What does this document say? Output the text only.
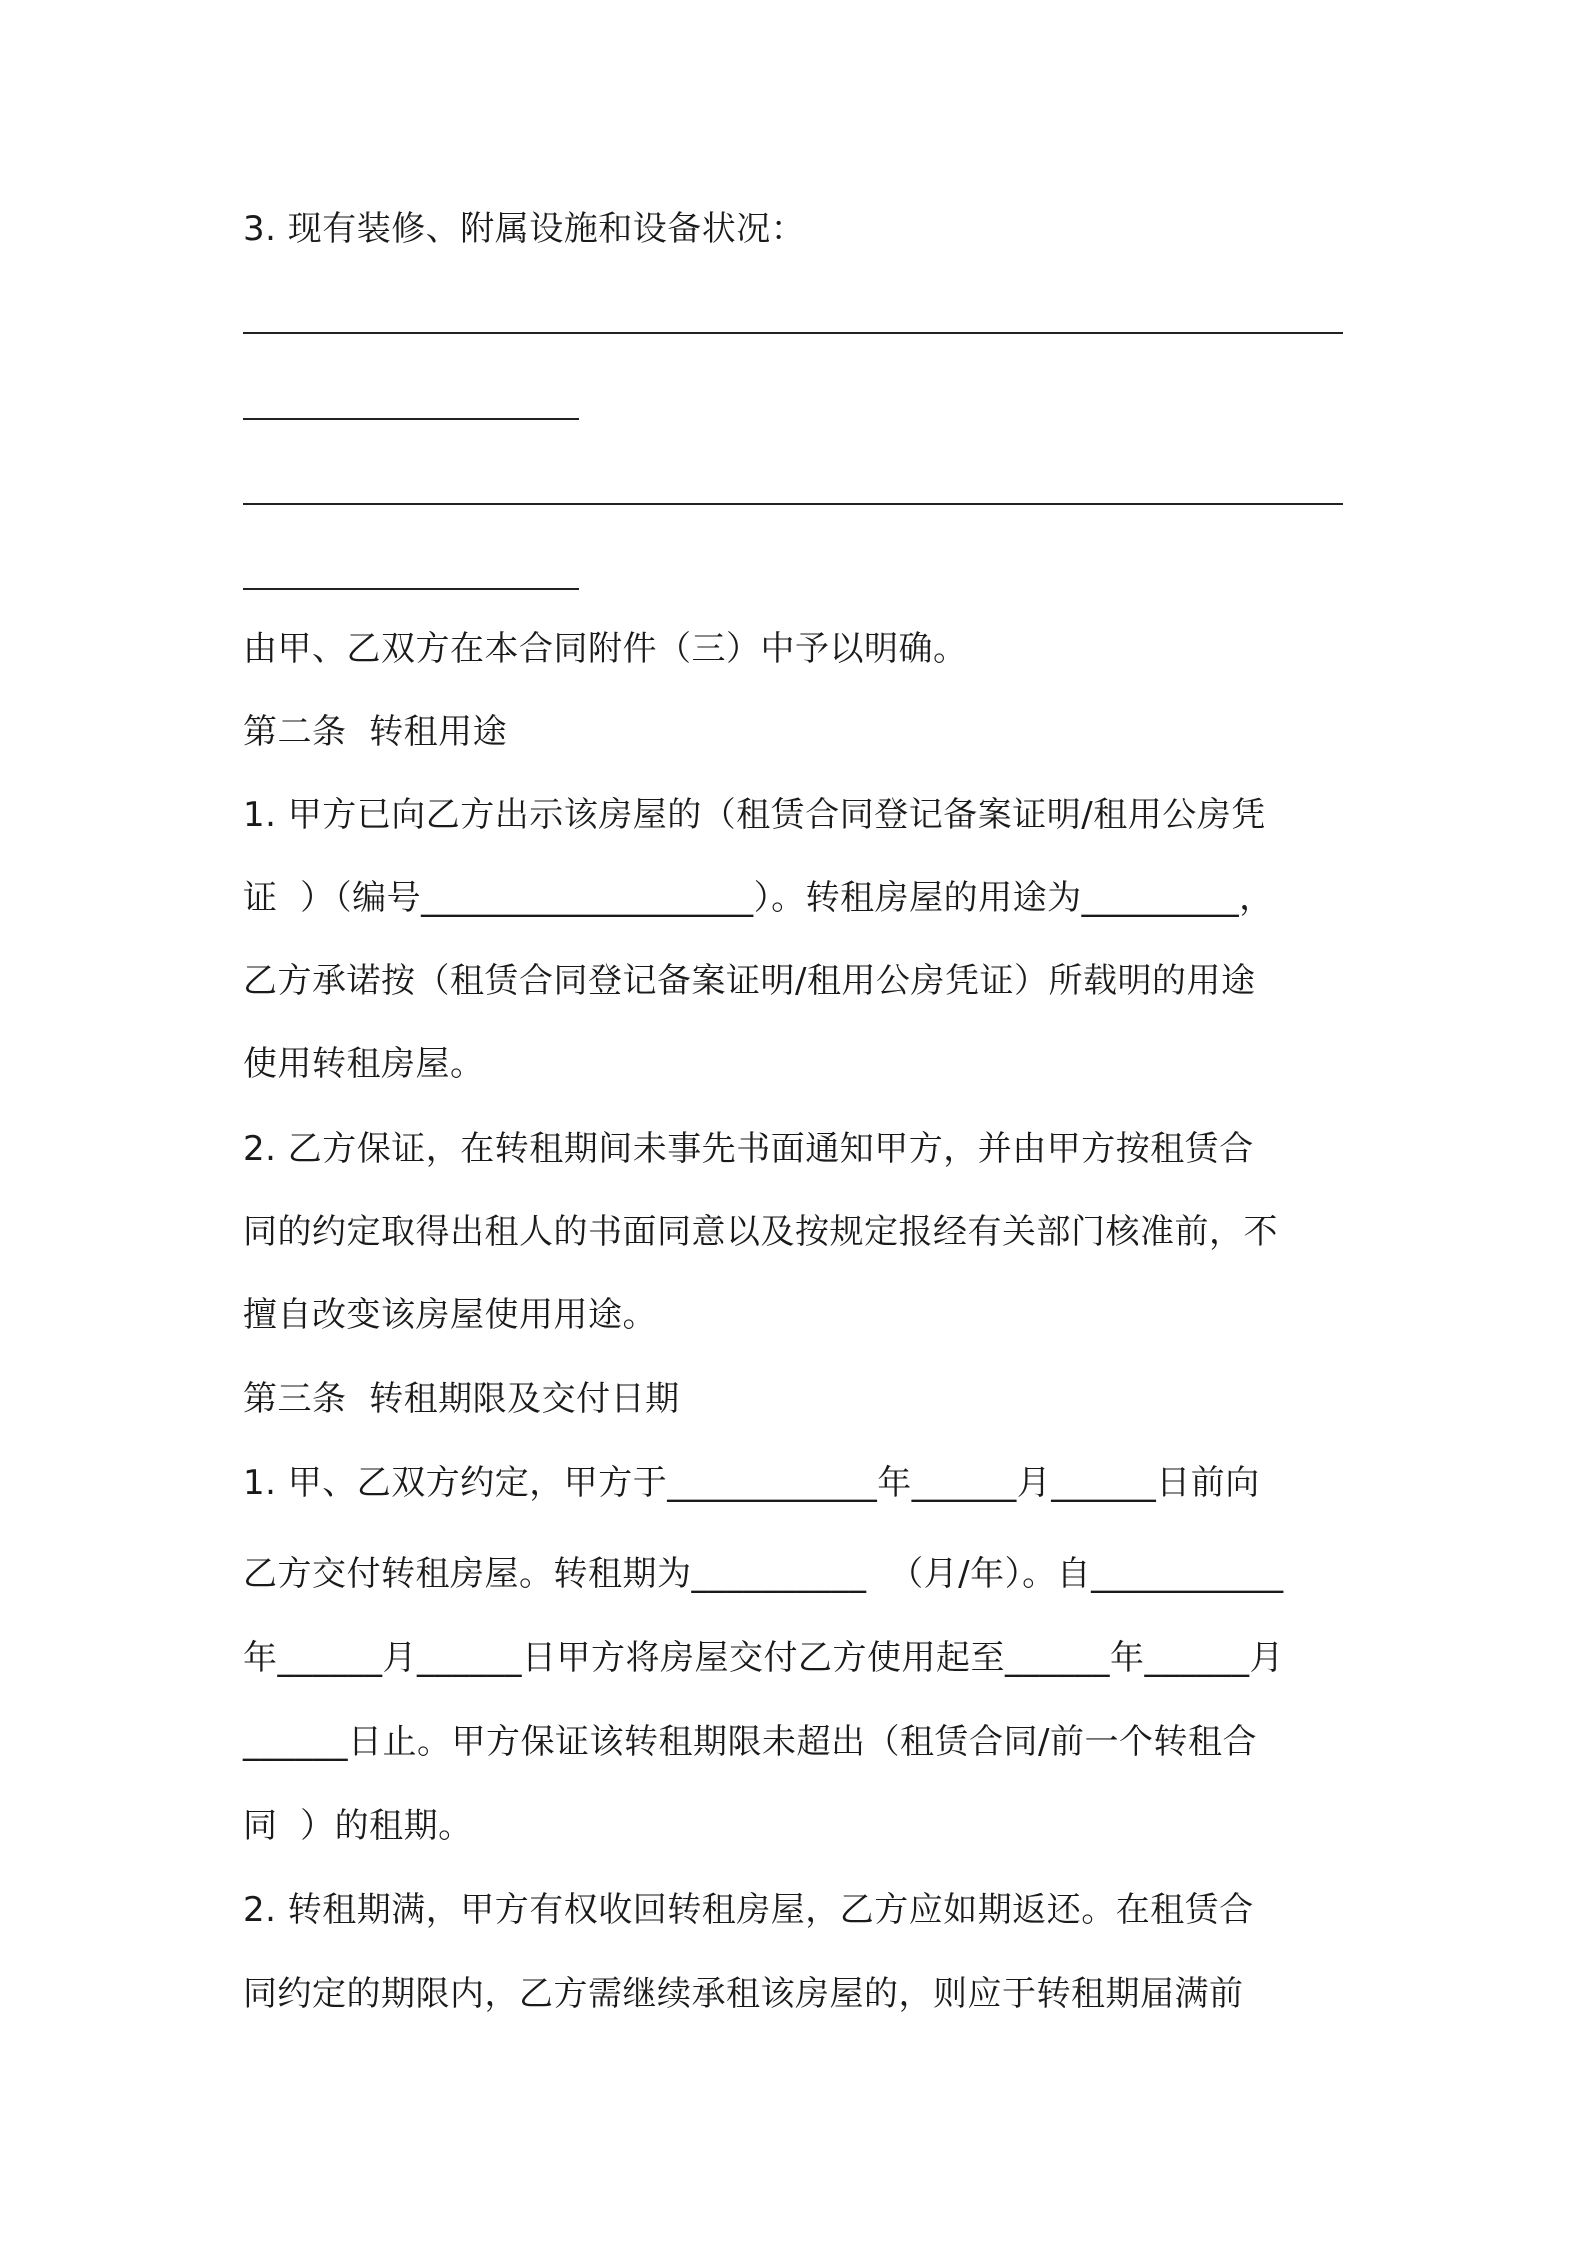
3. 现有装修、附属设施和设备状况：
由甲、乙双方在本合同附件（三）中予以明确。
第二条  转租用途
1. 甲方已向乙方出示该房屋的（租赁合同登记备案证明/租用公房凭
证  ）（编号___________________）。转租房屋的用途为_________，
乙方承诺按（租赁合同登记备案证明/租用公房凭证）所载明的用途
使用转租房屋。
2. 乙方保证，在转租期间未事先书面通知甲方，并由甲方按租赁合
同的约定取得出租人的书面同意以及按规定报经有关部门核准前，不
擅自改变该房屋使用用途。
第三条  转租期限及交付日期
1. 甲、乙双方约定，甲方于____________年______月______日前向
乙方交付转租房屋。转租期为__________  （月/年）。自___________
年______月______日甲方将房屋交付乙方使用起至______年______月
______日止。甲方保证该转租期限未超出（租赁合同/前一个转租合
同  ）的租期。
2. 转租期满，甲方有权收回转租房屋，乙方应如期返还。在租赁合
同约定的期限内，乙方需继续承租该房屋的，则应于转租期届满前
